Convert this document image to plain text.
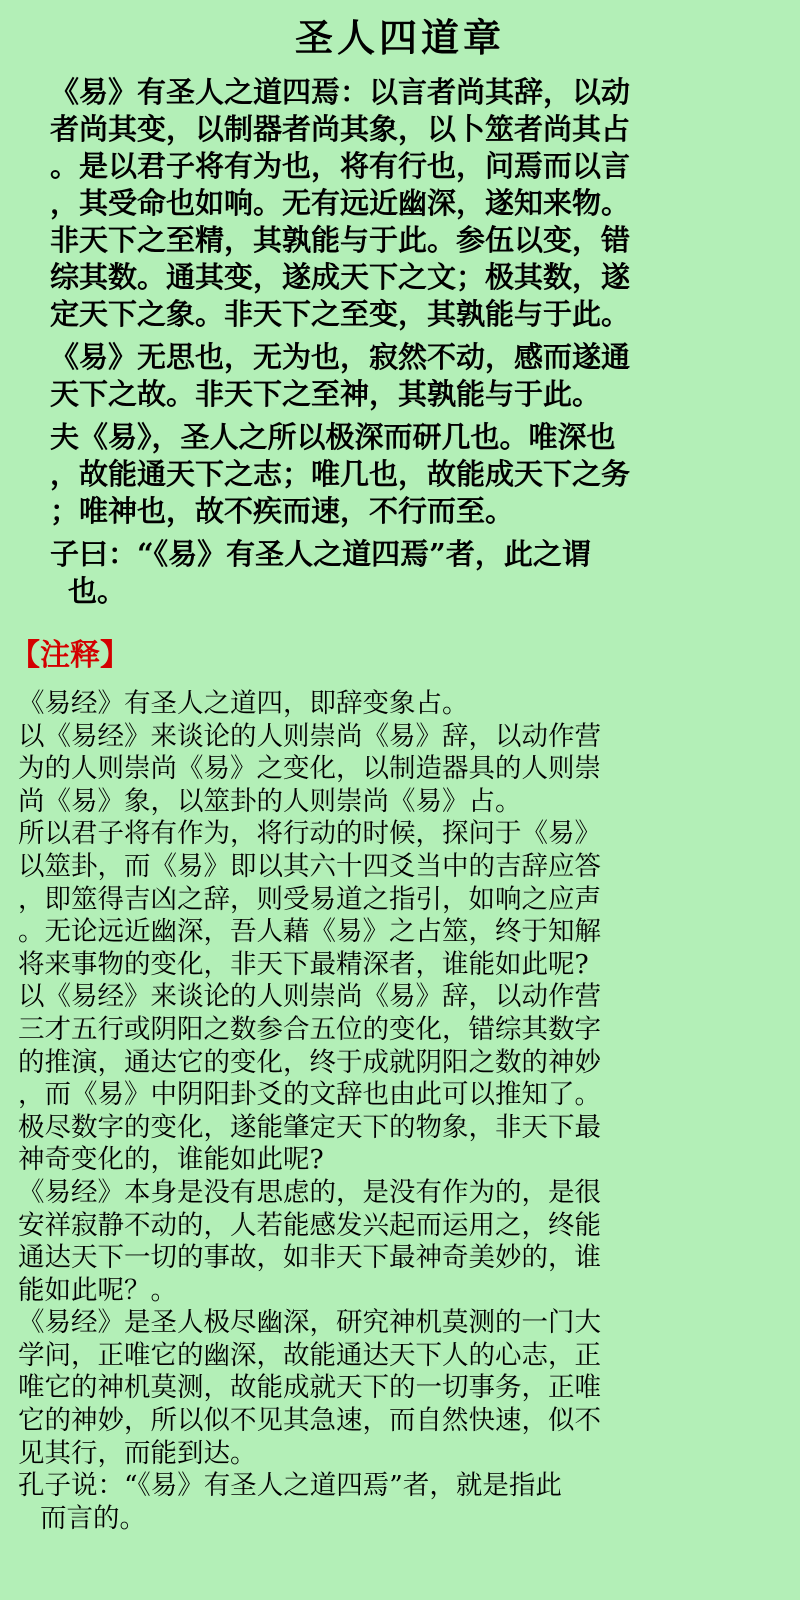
圣人四道章

《易》有圣人之道四焉：以言者尚其辞，以动
者尚其变，以制器者尚其象，以卜筮者尚其占
。是以君子将有为也，将有行也，问焉而以言
，其受命也如响。无有远近幽深，遂知来物。
非天下之至精，其孰能与于此。参伍以变，错
综其数。通其变，遂成天下之文；极其数，遂
定天下之象。非天下之至变，其孰能与于此。

《易》无思也，无为也，寂然不动，感而遂通
天下之故。非天下之至神，其孰能与于此。

夫《易》，圣人之所以极深而研几也。唯深也
，故能通天下之志；唯几也，故能成天下之务
；唯神也，故不疾而速，不行而至。

子曰：“《易》有圣人之道四焉”者，此之谓
也。

【注释】
《易经》有圣人之道四，即辞变象占。
以《易经》来谈论的人则崇尚《易》辞，以动作营
为的人则崇尚《易》之变化，以制造器具的人则崇
尚《易》象，以筮卦的人则崇尚《易》占。
所以君子将有作为，将行动的时候，探问于《易》
以筮卦，而《易》即以其六十四爻当中的吉辞应答
，即筮得吉凶之辞，则受易道之指引，如响之应声
。无论远近幽深，吾人藉《易》之占筮，终于知解
将来事物的变化，非天下最精深者，谁能如此呢?
以《易经》来谈论的人则崇尚《易》辞，以动作营
三才五行或阴阳之数参合五位的变化，错综其数字
的推演，通达它的变化，终于成就阴阳之数的神妙
，而《易》中阴阳卦爻的文辞也由此可以推知了。
极尽数字的变化，遂能肇定天下的物象，非天下最
神奇变化的，谁能如此呢?
《易经》本身是没有思虑的，是没有作为的，是很
安祥寂静不动的，人若能感发兴起而运用之，终能
通达天下一切的事故，如非天下最神奇美妙的，谁
能如此呢？。
《易经》是圣人极尽幽深，研究神机莫测的一门大
学问，正唯它的幽深，故能通达天下人的心志，正
唯它的神机莫测，故能成就天下的一切事务，正唯
它的神妙，所以似不见其急速，而自然快速，似不
见其行，而能到达。
孔子说：“《易》有圣人之道四焉”者，就是指此
而言的。
